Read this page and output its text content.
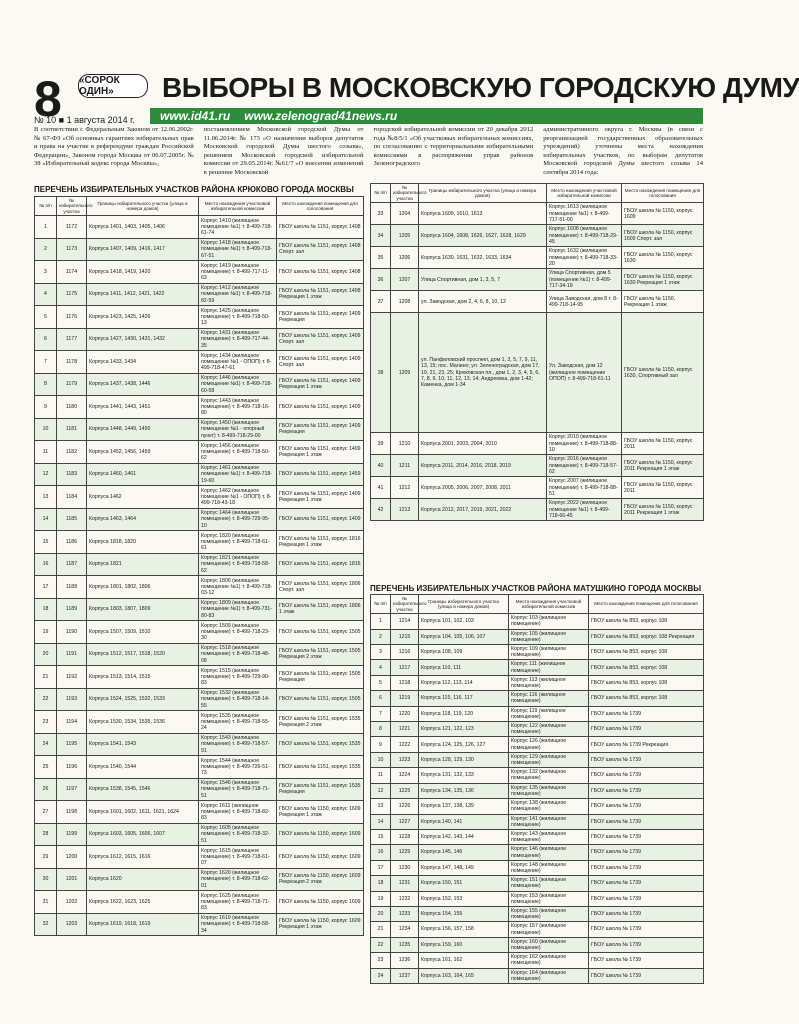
8 «СОРОК ОДИН»	ВЫБОРЫ В МОСКОВСКУЮ ГОРОДСКУЮ ДУМУ
№ 10 ■ 1 августа 2014 г. www.id41.ru www.zelenograd41news.ru

В соответствии с Федеральным Законом от 12.06.2002г. № 67-ФЗ «Об основных гарантиях избирательных прав и права на участие в референдуме граждан Российской Федерации», Законом города Москвы от 06.07.2005г. № 38 «Избирательный кодекс города Москвы»,

постановлением Московской городской Думы от 11.06.2014г. № 173 «О назначении выборов депутатов Московской городской Думы шестого созыва», решением Московской городской избирательной комиссии от 29.05.2014г. №61/7 «О внесении изменений в решение Московской

городской избирательной комиссии от 20 декабря 2012 года №8/5/1 «Об участковых избирательных комиссиях, по согласованию с территориальными избирательными комиссиями в распоряжении управ районов Зеленоградского

административного округа г. Москвы (в связи с реорганизацией государственных образовательных учреждений) уточнены места нахождения избирательных участков, по выборам депутатов Московской городской Думы шестого созыва 14 сентября 2014 года:

ПЕРЕЧЕНЬ ИЗБИРАТЕЛЬНЫХ УЧАСТКОВ РАЙОНА КРЮКОВО ГОРОДА МОСКВЫ
№ п/п	№ избирательного участка	Границы избирательного участка (улица и номера домов)	Место нахождения участковой избирательной комиссии	Место нахождения помещения для голосования
1	1172	Корпуса 1401, 1403, 1405, 1406	Корпус 1410 (жилищное помещение №1) т. 8-499-718-61-74	ГБОУ школа № 1151, корпус 1408
2	1173	Корпуса 1407, 1409, 1416, 1417	Корпус 1418 (жилищное помещение №1) т. 8-499-718-67-51	ГБОУ школа № 1151, корпус 1408 Спорт. зал
3	1174	Корпуса 1418, 1419, 1420	Корпус 1419 (жилищное помещение) т. 8-499-717-11-63	ГБОУ школа № 1151, корпус 1408
4	1175	Корпуса 1411, 1412, 1421, 1422	Корпус 1412 (жилищное помещение №1) т. 8-499-718-82-59	ГБОУ школа № 1151, корпус 1408 Рекреация 1 этаж
5	1176	Корпуса 1423, 1425, 1426	Корпус 1425 (жилищное помещение) т. 8-499-718-50-13	ГБОУ школа № 1151, корпус 1409 Рекреация
6	1177	Корпуса 1427, 1430, 1431, 1432	Корпус 1431 (жилищное помещение) т. 8-499-717-44-35	ГБОУ школа № 1151, корпус 1409 Спорт. зал
7	1178	Корпуса 1433, 1434	Корпус 1434 (жилищное помещение №1 - ОПОП) т. 8-499-718-47-61	ГБОУ школа № 1151, корпус 1409 Спорт. зал
8	1179	Корпуса 1437, 1438, 1446	Корпус 1446 (жилищное помещение №1) т. 8-499-718-60-58	ГБОУ школа № 1151, корпус 1409 Рекреация 1 этаж
9	1180	Корпуса 1441, 1443, 1451	Корпус 1443 (жилищное помещение) т. 8-499-718-16-80	ГБОУ школа № 1151, корпус 1409
10	1181	Корпуса 1448, 1449, 1450	Корпус 1450 (жилищное помещение №1 - опорный пункт) т. 8-499-718-29-00	ГБОУ школа № 1151, корпус 1409 Рекреация
11	1182	Корпуса 1452, 1456, 1459	Корпус 1456 (жилищное помещение) т. 8-499-718-50-62	ГБОУ школа № 1151, корпус 1409 Рекреация 1 этаж
12	1183	Корпуса 1460, 1461	Корпус 1461 (жилищное помещение №1) т. 8-499-718-19-60	ГБОУ школа № 1151, корпус 1459
13	1184	Корпуса 1462	Корпус 1462 (жилищное помещение №1 - ОПОП) т. 8-499-718-43-18	ГБОУ школа № 1151, корпус 1409 Рекреация 1 этаж
14	1185	Корпуса 1463, 1464	Корпус 1464 (жилищное помещение) т. 8-499-729-95-10	ГБОУ школа № 1151, корпус 1409
15	1186	Корпуса 1818, 1820	Корпус 1820 (жилищное помещение) т. 8-499-718-61-61	ГБОУ школа № 1151, корпус 1816 Рекреация 1 этаж
16	1187	Корпуса 1821	Корпус 1821 (жилищное помещение) т. 8-499-718-58-62	ГБОУ школа № 1151, корпус 1816
17	1188	Корпуса 1801, 1802, 1806	Корпус 1806 (жилищное помещение №1) т. 8-499-718-03-12	ГБОУ школа № 1151, корпус 1806 Спорт. зал
18	1189	Корпуса 1803, 1807, 1809	Корпус 1809 (жилищное помещение №1) т. 8-499-731-80-83	ГБОУ школа № 1151, корпус 1806 1 этаж
19	1190	Корпуса 1507, 1509, 1510	Корпус 1509 (жилищное помещение) т. 8-499-718-23-30	ГБОУ школа № 1151, корпус 1505
20	1191	Корпуса 1512, 1517, 1518, 1520	Корпус 1518 (жилищное помещение) т. 8-499-718-48-08	ГБОУ школа № 1151, корпус 1505 Рекреация 2 этаж
21	1192	Корпуса 1513, 1514, 1515	Корпус 1515 (жилищное помещение) т. 8-499-729-90-83	ГБОУ школа № 1151, корпус 1505 Рекреация
22	1193	Корпуса 1524, 1525, 1532, 1533	Корпус 1532 (жилищное помещение) т. 8-499-718-14-55	ГБОУ школа № 1151, корпус 1505
23	1194	Корпуса 1530, 1534, 1535, 1536	Корпус 1535 (жилищное помещение) т. 8-499-718-55-24	ГБОУ школа № 1151, корпус 1535 Рекреация 2 этаж
24	1195	Корпуса 1541, 1543	Корпус 1543 (жилищное помещение) т. 8-499-718-57-91	ГБОУ школа № 1151, корпус 1535
25	1196	Корпуса 1540, 1544	Корпус 1544 (жилищное помещение) т. 8-499-726-51-73	ГБОУ школа № 1151, корпус 1535
26	1197	Корпуса 1538, 1545, 1546	Корпус 1546 (жилищное помещение) т. 8-499-718-71-51	ГБОУ школа № 1151, корпус 1535 Рекреация
27	1198	Корпуса 1601, 1602, 1611, 1621, 1624	Корпус 1611 (жилищное помещение) т. 8-499-718-82-83	ГБОУ школа № 1150, корпус 1609 Рекреация 1 этаж
28	1199	Корпуса 1603, 1605, 1606, 1607	Корпус 1605 (жилищное помещение) т. 8-499-718-32-51	ГБОУ школа № 1150, корпус 1609
29	1200	Корпуса 1612, 1615, 1616	Корпус 1615 (жилищное помещение) т. 8-499-718-61-07	ГБОУ школа № 1150, корпус 1609
30	1201	Корпуса 1620	Корпус 1620 (жилищное помещение) т. 8-499-718-62-01	ГБОУ школа № 1150, корпус 1609 Рекреация 2 этаж
31	1202	Корпуса 1622, 1623, 1625	Корпус 1625 (жилищное помещение) т. 8-499-718-71-83	ГБОУ школа № 1150, корпус 1609
32	1203	Корпуса 1619, 1618, 1619	Корпус 1619 (жилищное помещение) т. 8-499-718-58-34	ГБОУ школа № 1150, корпус 1609 Рекреация 1 этаж
№ п/п	№ избирательного участка	Границы избирательного участка (улица и номера домов)	Место нахождения участковой избирательной комиссии	Место нахождения помещения для голосования
33	1204	Корпуса 1609, 1610, 1613	Корпус 1613 (жилищное помещение №1) т. 8-499-717-51-00	ГБОУ школа № 1150, корпус 1609
34	1205	Корпуса 1604, 1608, 1626, 1627, 1628, 1629	Корпус 1608 (жилищное помещение) т. 8-499-718-29-45	ГБОУ школа № 1150, корпус 1609 Спорт. зал
35	1206	Корпуса 1630, 1631, 1632, 1633, 1634	Корпус 1632 (жилищное помещение) т. 8-499-718-33-20	ГБОУ школа № 1150, корпус 1630
36	1207	Улица Спортивная, дом 1, 3, 5, 7	Улица Спортивная, дом 5 (помещение №1) т. 8-499-717-34-19	ГБОУ школа № 1150, корпус 1630 Рекреация 1 этаж
37	1208	ул. Заводская, дом 2, 4, 6, 8, 10, 12	Улица Заводская, дом 8 т. 8-499-718-14-95	ГБОУ школа № 1150, Рекреация 1 этаж
38	1209	ул. Панфиловский проспект, дом 1, 3, 5, 7, 9, 11, 13, 15; пос. Малино; ул. Зеленоградская, дом 17, 19, 21, 23, 25; Крюковская пл., дом 1, 2, 3, 4, 5, 6, 7, 8, 9, 10, 11, 12, 13, 14; Андреевка, дом 1-42; Каменка, дом 1-34	Ул. Заводская, дом 12 (жилищное помещение ОПОП) т. 8-499-718-61-11	ГБОУ школа № 1150, корпус 1630, Спортивный зал
39	1210	Корпуса 2001, 2003, 2004, 2010	Корпус 2010 (жилищное помещение) т. 8-499-718-88-10	ГБОУ школа № 1150, корпус 2011
40	1211	Корпуса 2011, 2014, 2016, 2018, 2019	Корпус 2016 (жилищное помещение) т. 8-499-718-57-62	ГБОУ школа № 1150, корпус 2011 Рекреация 1 этаж
41	1212	Корпуса 2005, 2006, 2007, 2008, 2011	Корпус 2007 (жилищное помещение) т. 8-499-718-88-51	ГБОУ школа № 1150, корпус 2011
42	1213	Корпуса 2012, 2017, 2019, 2021, 2022	Корпус 2022 (жилищное помещение №1) т. 8-499-718-66-45	ГБОУ школа № 1150, корпус 2011 Рекреация 1 этаж
ПЕРЕЧЕНЬ ИЗБИРАТЕЛЬНЫХ УЧАСТКОВ РАЙОНА МАТУШКИНО ГОРОДА МОСКВЫ
№ п/п	№ избирательного участка	Границы избирательного участка (улица и номера домов)	Место нахождения участковой избирательной комиссии	Место нахождения помещения для голосования
1	1214	Корпуса 101, 102, 103	Корпус 103 (жилищное помещение)	ГБОУ школа № 853, корпус 108
2	1215	Корпуса 104, 105, 106, 107	Корпус 105 (жилищное помещение)	ГБОУ школа № 853, корпус 108 Рекреация
3	1216	Корпуса 108, 109	Корпус 109 (жилищное помещение)	ГБОУ школа № 853, корпус 108
4	1217	Корпуса 110, 111	Корпус 111 (жилищное помещение)	ГБОУ школа № 853, корпус 108
5	1218	Корпуса 112, 113, 114	Корпус 113 (жилищное помещение)	ГБОУ школа № 853, корпус 108
6	1219	Корпуса 115, 116, 117	Корпус 116 (жилищное помещение)	ГБОУ школа № 853, корпус 108
7	1220	Корпуса 118, 119, 120	Корпус 119 (жилищное помещение)	ГБОУ школа № 1739
8	1221	Корпуса 121, 122, 123	Корпус 122 (жилищное помещение)	ГБОУ школа № 1739
9	1222	Корпуса 124, 125, 126, 127	Корпус 126 (жилищное помещение)	ГБОУ школа № 1739 Рекреация
10	1223	Корпуса 128, 129, 130	Корпус 129 (жилищное помещение)	ГБОУ школа № 1739
11	1224	Корпуса 131, 132, 133	Корпус 132 (жилищное помещение)	ГБОУ школа № 1739
12	1225	Корпуса 134, 135, 136	Корпус 135 (жилищное помещение)	ГБОУ школа № 1739
13	1226	Корпуса 137, 138, 139	Корпус 138 (жилищное помещение)	ГБОУ школа № 1739
14	1227	Корпуса 140, 141	Корпус 141 (жилищное помещение)	ГБОУ школа № 1739
15	1228	Корпуса 142, 143, 144	Корпус 143 (жилищное помещение)	ГБОУ школа № 1739
16	1229	Корпуса 145, 146	Корпус 146 (жилищное помещение)	ГБОУ школа № 1739
17	1230	Корпуса 147, 148, 149	Корпус 148 (жилищное помещение)	ГБОУ школа № 1739
18	1231	Корпуса 150, 151	Корпус 151 (жилищное помещение)	ГБОУ школа № 1739
19	1232	Корпуса 152, 153	Корпус 153 (жилищное помещение)	ГБОУ школа № 1739
20	1233	Корпуса 154, 155	Корпус 155 (жилищное помещение)	ГБОУ школа № 1739
21	1234	Корпуса 156, 157, 158	Корпус 157 (жилищное помещение)	ГБОУ школа № 1739
22	1235	Корпуса 159, 160	Корпус 160 (жилищное помещение)	ГБОУ школа № 1739
23	1236	Корпуса 161, 162	Корпус 162 (жилищное помещение)	ГБОУ школа № 1739
24	1237	Корпуса 163, 164, 165	Корпус 164 (жилищное помещение)	ГБОУ школа № 1739
